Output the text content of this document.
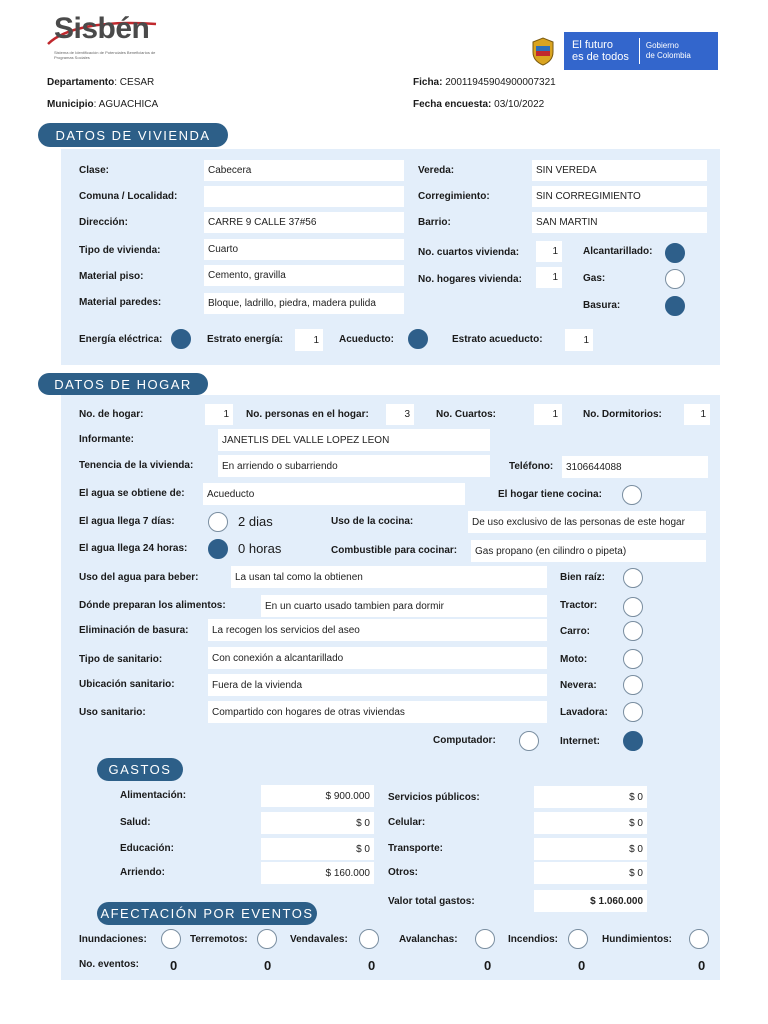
Sisbén
Sistema de Identificación de Potenciales Beneficiarios de Programas Sociales
El futuro
es de todos
Gobierno
de Colombia
Departamento: CESAR
Municipio: AGUACHICA
Ficha: 20011945904900007321
Fecha encuesta: 03/10/2022
DATOS DE VIVIENDA
Clase:	Cabecera	Vereda:	SIN VEREDA
Comuna / Localidad:	Corregimiento:	SIN CORREGIMIENTO
Dirección:	CARRE 9 CALLE 37#56	Barrio:	SAN MARTIN
Tipo de vivienda:	Cuarto	No. cuartos vivienda:	1	Alcantarillado:
Material piso:	Cemento, gravilla	No. hogares vivienda:	1	Gas:
Material paredes:	Bloque, ladrillo, piedra, madera pulida	Basura:
Energía eléctrica:	Estrato energía:	1	Acueducto:	Estrato acueducto:	1
DATOS DE HOGAR
No. de hogar:	1	No. personas en el hogar:	3	No. Cuartos:	1	No. Dormitorios:	1
Informante:	JANETLIS DEL VALLE LOPEZ LEON
Tenencia de la vivienda:	En arriendo o subarriendo	Teléfono:	3106644088
El agua se obtiene de:	Acueducto	El hogar tiene cocina:
El agua llega 7 días:	2 dias	Uso de la cocina:	De uso exclusivo de las personas de este hogar
El agua llega 24 horas:	0 horas	Combustible para cocinar:	Gas propano (en cilindro o pipeta)
Uso del agua para beber:	La usan tal como la obtienen	Bien raíz:
Dónde preparan los alimentos:	En un cuarto usado tambien para dormir	Tractor:
Eliminación de basura:	La recogen los servicios del aseo	Carro:
Tipo de sanitario:	Con conexión a alcantarillado	Moto:
Ubicación sanitario:	Fuera de la vivienda	Nevera:
Uso sanitario:	Compartido con hogares de otras viviendas	Lavadora:
Computador:	Internet:
GASTOS
Alimentación:	$ 900.000	Servicios públicos:	$ 0
Salud:	$ 0	Celular:	$ 0
Educación:	$ 0	Transporte:	$ 0
Arriendo:	$ 160.000	Otros:	$ 0
Valor total gastos:	$ 1.060.000
AFECTACIÓN POR EVENTOS
Inundaciones:	Terremotos:	Vendavales:	Avalanchas:	Incendios:	Hundimientos:
No. eventos: 0	0	0	0	0	0
